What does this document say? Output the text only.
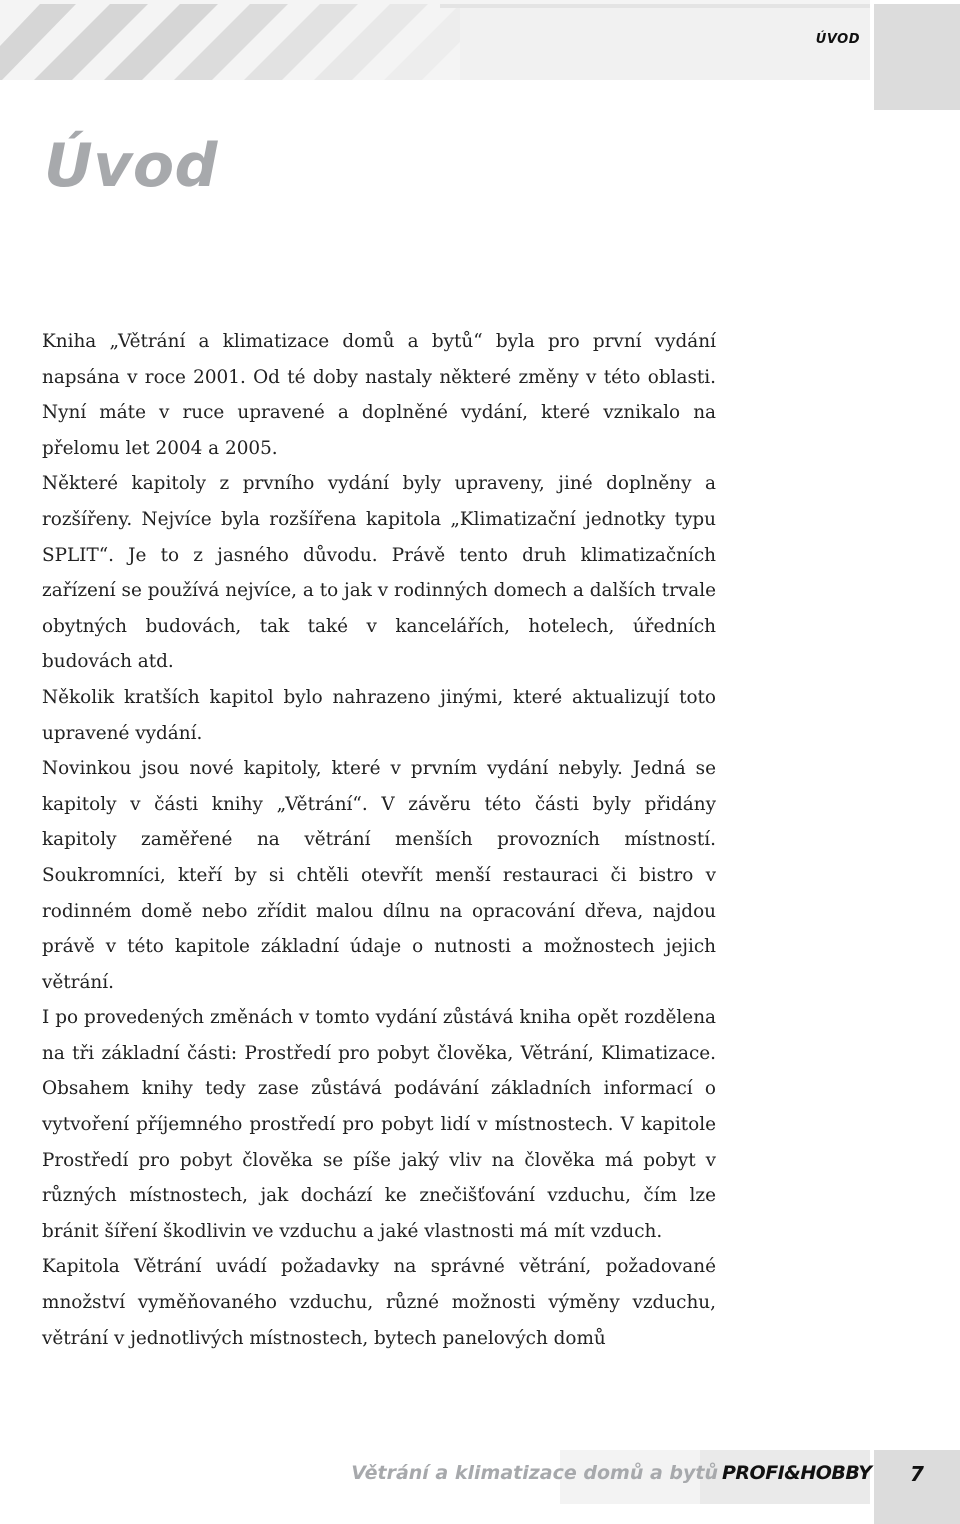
ÚVOD
Úvod

Kniha „Větrání a klimatizace domů a bytů“ byla pro první vydání napsána v roce 2001. Od té doby nastaly některé změny v této oblasti. Nyní máte v ruce upravené a doplněné vydání, které vznikalo na přelomu let 2004 a 2005.

Některé kapitoly z prvního vydání byly upraveny, jiné doplněny a rozšířeny. Nejvíce byla rozšířena kapitola „Klimatizační jednotky typu SPLIT“. Je to z jasného důvodu. Právě tento druh klimatizačních zařízení se používá nejvíce, a to jak v rodinných domech a dalších trvale obytných budovách, tak také v kancelářích, hotelech, úředních budovách atd.

Několik kratších kapitol bylo nahrazeno jinými, které aktualizují toto upravené vydání.

Novinkou jsou nové kapitoly, které v prvním vydání nebyly. Jedná se kapitoly v části knihy „Větrání“. V závěru této části byly přidány kapitoly zaměřené na větrání menších provozních místností. Soukromníci, kteří by si chtěli otevřít menší restauraci či bistro v rodinném domě nebo zřídit malou dílnu na opracování dřeva, najdou právě v této kapitole základní údaje o nutnosti a možnostech jejich větrání.

I po provedených změnách v tomto vydání zůstává kniha opět rozdělena na tři základní části: Prostředí pro pobyt člověka, Větrání, Klimatizace. Obsahem knihy tedy zase zůstává podávání základních informací o vytvoření příjemného prostředí pro pobyt lidí v místnostech. V kapitole Prostředí pro pobyt člověka se píše jaký vliv na člověka má pobyt v různých místnostech, jak dochází ke znečišťování vzduchu, čím lze bránit šíření škodlivin ve vzduchu a jaké vlastnosti má mít vzduch.

Kapitola Větrání uvádí požadavky na správné větrání, požadované množství vyměňovaného vzduchu, různé možnosti výměny vzduchu, větrání v jednotlivých místnostech, bytech panelových domů

Větrání a klimatizace domů a bytů PROFI&HOBBY	7
